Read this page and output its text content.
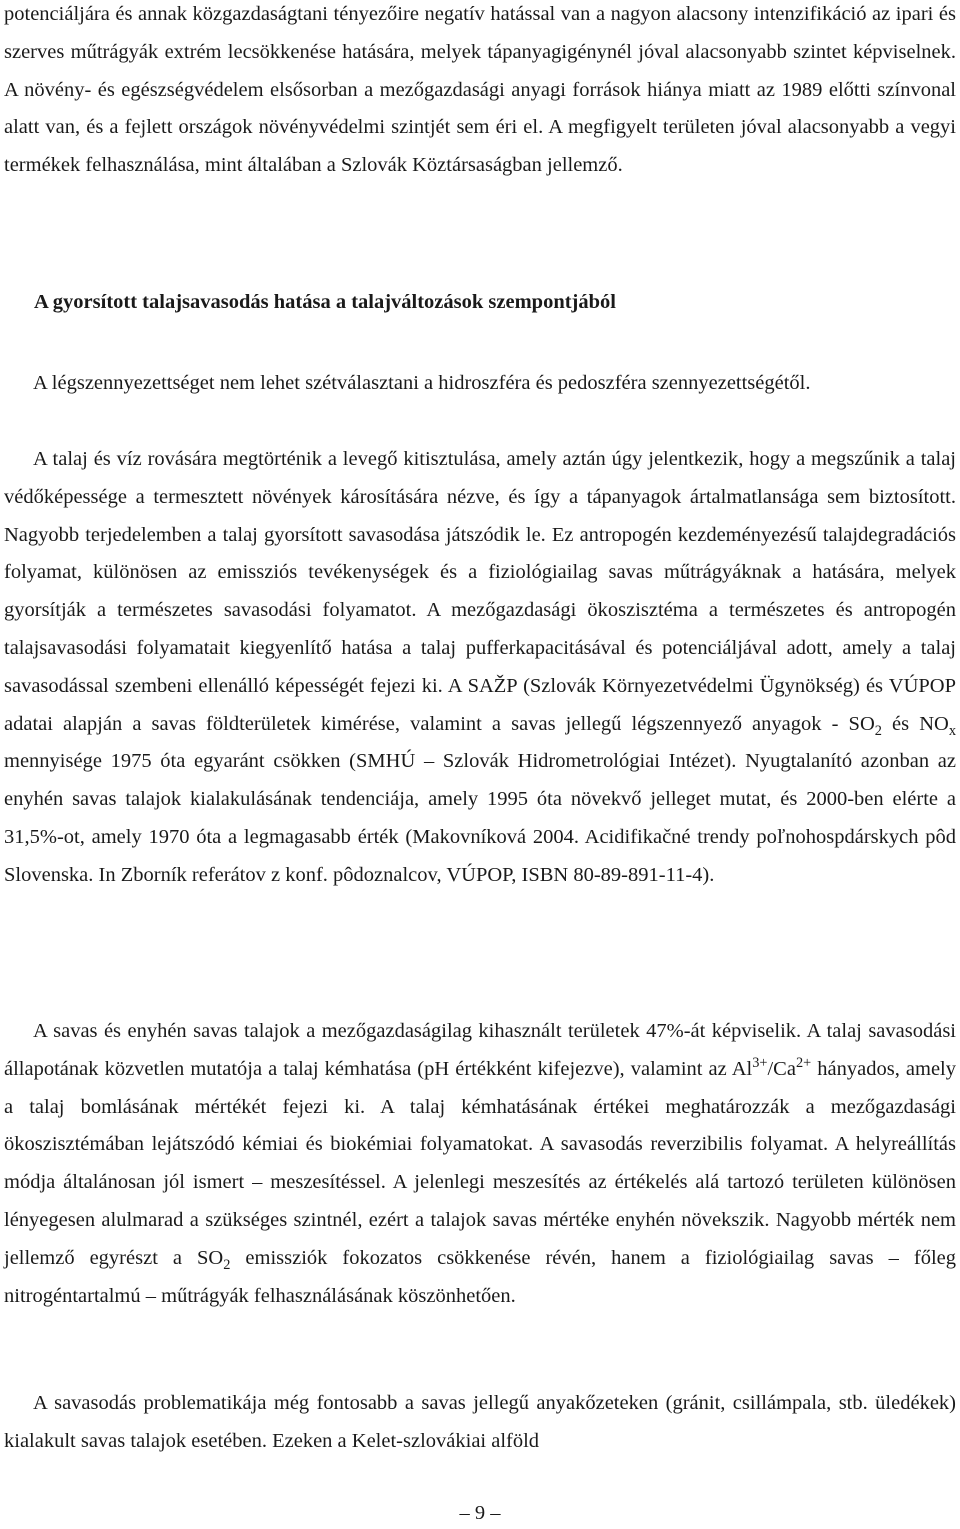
potenciáljára és annak közgazdaságtani tényezőire negatív hatással van a nagyon alacsony intenzifikáció az ipari és szerves műtrágyák extrém lecsökkenése hatására, melyek tápanyagigénynél jóval alacsonyabb szintet képviselnek. A növény- és egészségvédelem elsősorban a mezőgazdasági anyagi források hiánya miatt az 1989 előtti színvonal alatt van, és a fejlett országok növényvédelmi szintjét sem éri el. A megfigyelt területen jóval alacsonyabb a vegyi termékek felhasználása, mint általában a Szlovák Köztársaságban jellemző.

A gyorsított talajsavasodás hatása a talajváltozások szempontjából

A légszennyezettséget nem lehet szétválasztani a hidroszféra és pedoszféra szennyezettségétől.

A talaj és víz rovására megtörténik a levegő kitisztulása, amely aztán úgy jelentkezik, hogy a megszűnik a talaj védőképessége a termesztett növények károsítására nézve, és így a tápanyagok ártalmatlansága sem biztosított. Nagyobb terjedelemben a talaj gyorsított savasodása játszódik le. Ez antropogén kezdeményezésű talajdegradációs folyamat, különösen az emissziós tevékenységek és a fiziológiailag savas műtrágyáknak a hatására, melyek gyorsítják a természetes savasodási folyamatot. A mezőgazdasági ökoszisztéma a természetes és antropogén talajsavasodási folyamatait kiegyenlítő hatása a talaj pufferkapacitásával és potenciáljával adott, amely a talaj savasodással szembeni ellenálló képességét fejezi ki. A SAŽP (Szlovák Környezetvédelmi Ügynökség) és VÚPOP adatai alapján a savas földterületek kimérése, valamint a savas jellegű légszennyező anyagok - $SO_2$ és $NO_x$ mennyisége 1975 óta egyaránt csökken (SMHÚ – Szlovák Hidrometrológiai Intézet). Nyugtalanító azonban az enyhén savas talajok kialakulásának tendenciája, amely 1995 óta növekvő jelleget mutat, és 2000-ben elérte a 31,5%-ot, amely 1970 óta a legmagasabb érték (Makovníková 2004. Acidifikačné trendy poľnohospdárskych pôd Slovenska. In Zborník referátov z konf. pôdoznalcov, VÚPOP, ISBN 80-89-891-11-4).

A savas és enyhén savas talajok a mezőgazdaságilag kihasznált területek 47%-át képviselik. A talaj savasodási állapotának közvetlen mutatója a talaj kémhatása (pH értékként kifejezve), valamint az $Al^{3+}/Ca^{2+}$ hányados, amely a talaj bomlásának mértékét fejezi ki. A talaj kémhatásának értékei meghatározzák a mezőgazdasági ökoszisztémában lejátszódó kémiai és biokémiai folyamatokat. A savasodás reverzibilis folyamat. A helyreállítás módja általánosan jól ismert – meszesítéssel. A jelenlegi meszesítés az értékelés alá tartozó területen különösen lényegesen alulmarad a szükséges szintnél, ezért a talajok savas mértéke enyhén növekszik. Nagyobb mérték nem jellemző egyrészt a $SO_2$ emissziók fokozatos csökkenése révén, hanem a fiziológiailag savas – főleg nitrogéntartalmú – műtrágyák felhasználásának köszönhetően.

A savasodás problematikája még fontosabb a savas jellegű anyakőzeteken (gránit, csillámpala, stb. üledékek) kialakult savas talajok esetében. Ezeken a Kelet-szlovákiai alföld

– 9 –
